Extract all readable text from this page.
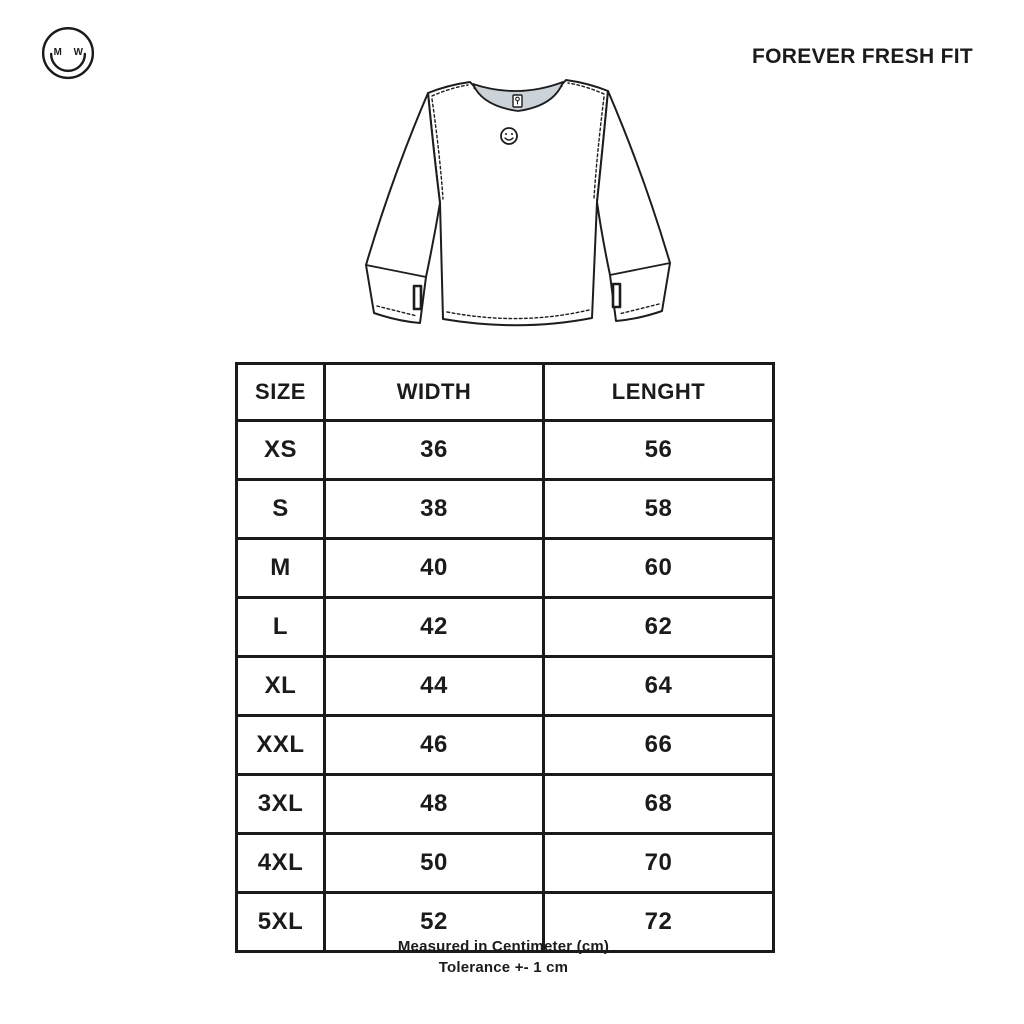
M W	FOREVER FRESH FIT
SIZE	WIDTH	LENGHT
XS	36	56
S	38	58
M	40	60
L	42	62
XL	44	64
XXL	46	66
3XL	48	68
4XL	50	70
5XL	52	72
Measured in Centimeter (cm)
Tolerance +- 1 cm
